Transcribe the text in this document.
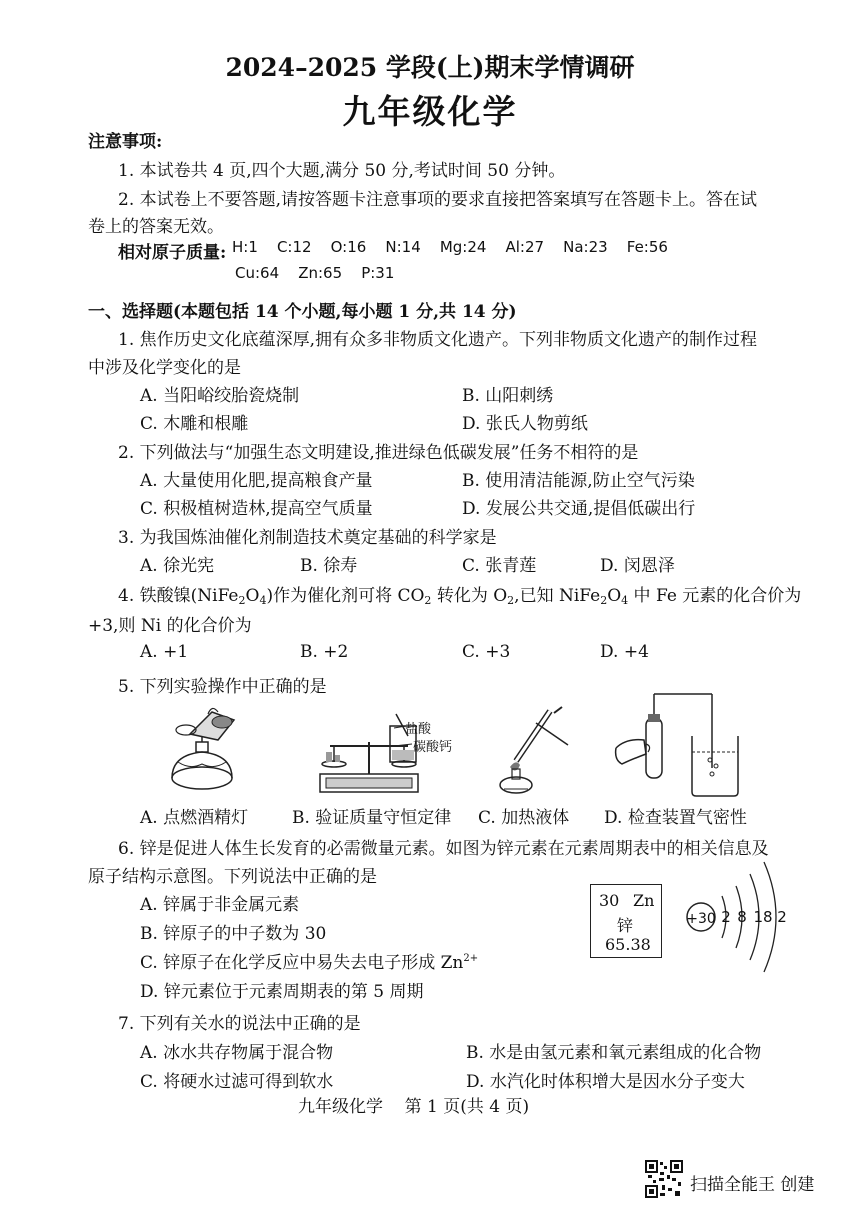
2024–2025 学段(上)期末学情调研
九年级化学
注意事项:
1. 本试卷共 4 页,四个大题,满分 50 分,考试时间 50 分钟。
2. 本试卷上不要答题,请按答题卡注意事项的要求直接把答案填写在答题卡上。答在试
卷上的答案无效。
相对原子质量: H:1    C:12    O:16    N:14    Mg:24    Al:27    Na:23    Fe:56
Cu:64    Zn:65    P:31
一、选择题(本题包括 14 个小题,每小题 1 分,共 14 分)
1. 焦作历史文化底蕴深厚,拥有众多非物质文化遗产。下列非物质文化遗产的制作过程
中涉及化学变化的是
A. 当阳峪绞胎瓷烧制	B. 山阳刺绣
C. 木雕和根雕	D. 张氏人物剪纸
2. 下列做法与“加强生态文明建设,推进绿色低碳发展”任务不相符的是
A. 大量使用化肥,提高粮食产量	B. 使用清洁能源,防止空气污染
C. 积极植树造林,提高空气质量	D. 发展公共交通,提倡低碳出行
3. 为我国炼油催化剂制造技术奠定基础的科学家是
A. 徐光宪	B. 徐寿	C. 张青莲	D. 闵恩泽
4. 铁酸镍$(NiFe_2O_4)$作为催化剂可将 $CO_2$ 转化为 $O_2$,已知 $NiFe_2O_4$ 中 Fe 元素的化合价为
+3,则 Ni 的化合价为
A. +1	B. +2	C. +3	D. +4
5. 下列实验操作中正确的是
盐酸
碳酸钙
A. 点燃酒精灯	B. 验证质量守恒定律 C. 加热液体 D. 检查装置气密性
6. 锌是促进人体生长发育的必需微量元素。如图为锌元素在元素周期表中的相关信息及
原子结构示意图。下列说法中正确的是
A. 锌属于非金属元素
B. 锌原子的中子数为 30
C. 锌原子在化学反应中易失去电子形成 $Zn^{2+}$
D. 锌元素位于元素周期表的第 5 周期
30 Zn
锌
65.38
+30 2 8 18 2
7. 下列有关水的说法中正确的是
A. 冰水共存物属于混合物	B. 水是由氢元素和氧元素组成的化合物
C. 将硬水过滤可得到软水	D. 水汽化时体积增大是因水分子变大
九年级化学    第 1 页(共 4 页)
扫描全能王 创建
